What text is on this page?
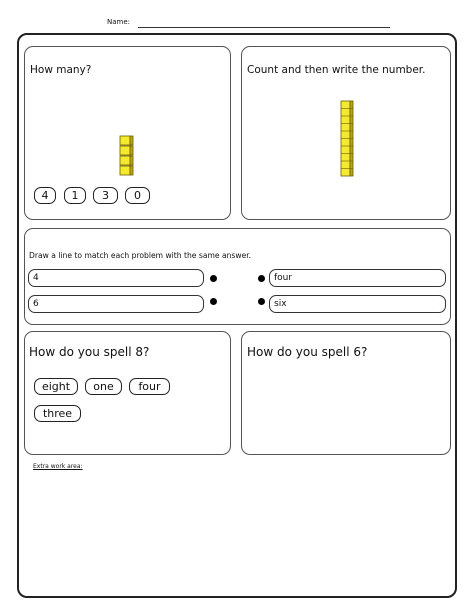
Name:
How many?
4	1	3	0
Count and then write the number.
Draw a line to match each problem with the same answer.
4	four
6	six
How do you spell 8?
eight	one	four
three
How do you spell 6?
Extra work area:
